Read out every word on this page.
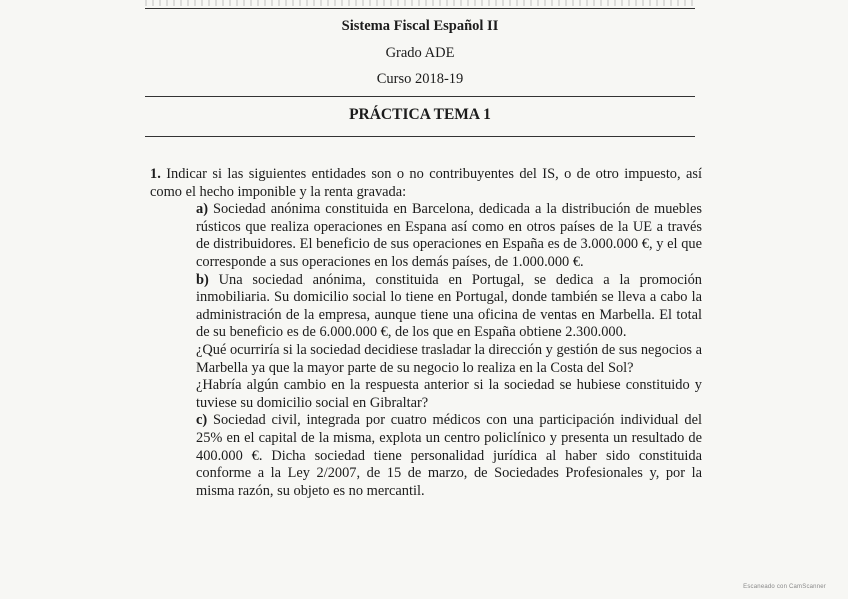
Sistema Fiscal Español II
Grado ADE
Curso 2018-19
PRÁCTICA TEMA 1
1. Indicar si las siguientes entidades son o no contribuyentes del IS, o de otro impuesto, así como el hecho imponible y la renta gravada:
a) Sociedad anónima constituida en Barcelona, dedicada a la distribución de muebles rústicos que realiza operaciones en Espana así como en otros países de la UE a través de distribuidores. El beneficio de sus operaciones en España es de 3.000.000 €, y el que corresponde a sus operaciones en los demás países, de 1.000.000 €.
b) Una sociedad anónima, constituida en Portugal, se dedica a la promoción inmobiliaria. Su domicilio social lo tiene en Portugal, donde también se lleva a cabo la administración de la empresa, aunque tiene una oficina de ventas en Marbella. El total de su beneficio es de 6.000.000 €, de los que en España obtiene 2.300.000.
¿Qué ocurriría si la sociedad decidiese trasladar la dirección y gestión de sus negocios a Marbella ya que la mayor parte de su negocio lo realiza en la Costa del Sol?
¿Habría algún cambio en la respuesta anterior si la sociedad se hubiese constituido y tuviese su domicilio social en Gibraltar?
c) Sociedad civil, integrada por cuatro médicos con una participación individual del 25% en el capital de la misma, explota un centro policlínico y presenta un resultado de 400.000 €. Dicha sociedad tiene personalidad jurídica al haber sido constituida conforme a la Ley 2/2007, de 15 de marzo, de Sociedades Profesionales y, por la misma razón, su objeto es no mercantil.
Escaneado con CamScanner
